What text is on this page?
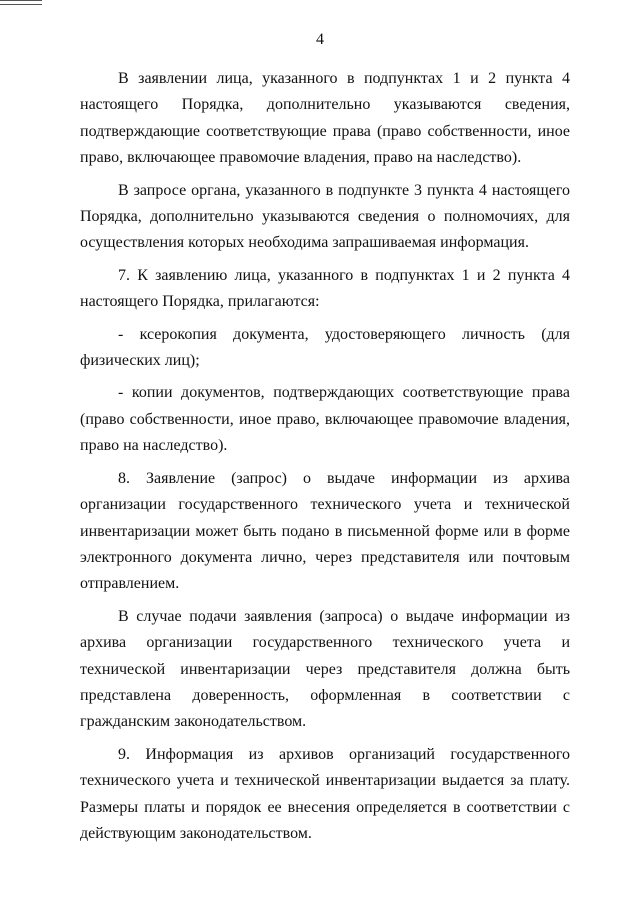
4

В заявлении лица, указанного в подпунктах 1 и 2 пункта 4 настоящего Порядка, дополнительно указываются сведения, подтверждающие соответствующие права (право собственности, иное право, включающее правомочие владения, право на наследство).

В запросе органа, указанного в подпункте 3 пункта 4 настоящего Порядка, дополнительно указываются сведения о полномочиях, для осуществления которых необходима запрашиваемая информация.

7. К заявлению лица, указанного в подпунктах 1 и 2 пункта 4 настоящего Порядка, прилагаются:

- ксерокопия документа, удостоверяющего личность (для физических лиц);

- копии документов, подтверждающих соответствующие права (право собственности, иное право, включающее правомочие владения, право на наследство).

8. Заявление (запрос) о выдаче информации из архива организации государственного технического учета и технической инвентаризации может быть подано в письменной форме или в форме электронного документа лично, через представителя или почтовым отправлением.

В случае подачи заявления (запроса) о выдаче информации из архива организации государственного технического учета и технической инвентаризации через представителя должна быть представлена доверенность, оформленная в соответствии с гражданским законодательством.

9. Информация из архивов организаций государственного технического учета и технической инвентаризации выдается за плату. Размеры платы и порядок ее внесения определяется в соответствии с действующим законодательством.
